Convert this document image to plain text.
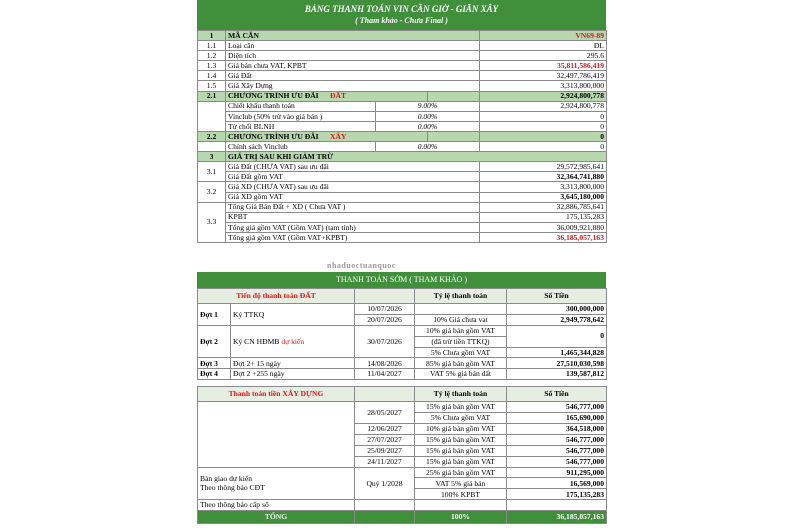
BẢNG THANH TOÁN VIN CẦN GIỜ - GIÃN XÂY
( Tham khảo - Chưa Final )
1	MÃ CĂN			VN69-89
1.1	Loại căn			ĐL
1.2	Diện tích			295.6
1.3	Giá bán chưa VAT, KPBT			35,811,586,419
1.4	Giá Đất			32,497,786,419
1.5	Giá Xây Dựng			3,313,800,000
2.1	CHƯƠNG TRÌNH ƯU ĐÃI ĐẤT			2,924,800,778
	Chiết khấu thanh toán	9.00%		2,924,800,778
	Vinclub (50% trừ vào giá bán )	0.00%		0
	Từ chối BLNH	0.00%		0
2.2	CHƯƠNG TRÌNH ƯU ĐÃI XÂY			0
	Chính sách Vinclub	0.00%		0
3	GIÁ TRỊ SAU KHI GIẢM TRỪ			
3.1	Giá Đất (CHƯA VAT) sau ưu đãi			29,572,985,641
	Giá Đất gồm VAT			32,364,741,880
3.2	Giá XD (CHƯA VAT) sau ưu đãi			3,313,800,000
	Giá XD gồm VAT			3,645,180,000
3.3	Tổng Giá Bán Đất + XD ( Chưa VAT )			32,886,785,641
	KPBT			175,135,283
	Tổng giá gồm VAT (Gồm VAT) (tạm tính)			36,009,921,880
	Tổng giá gồm VAT (Gồm VAT+KPBT)			36,185,057,163
nhaduoctuanquoc
THANH TOÁN SỚM ( THAM KHẢO )
Tiến độ thanh toán ĐẤT			Tỷ lệ thanh toán	Số Tiền
Đợt 1	Ký TTKQ	10/07/2026		300,000,000
		20/07/2026	10% Giá chưa vat	2,949,778,642
Đợt 2	Ký CN HĐMB dự kiến	30/07/2026	10% giá bán gồm VAT	0
			(đã trừ tiền TTKQ)	
			5% Chưa gồm VAT	1,465,344,828
Đợt 3	Đợt 2+ 15 ngày	14/08/2026	85% giá bán gồm VAT	27,510,030,598
Đợt 4	Đợt 2 +255 ngày	11/04/2027	VAT 5% giá bán đất	139,587,812

Thanh toán tiền XÂY DỰNG			Tỷ lệ thanh toán	Số Tiền
		28/05/2027	15% giá bán gồm VAT	546,777,000
			5% Chưa gồm VAT	165,690,000
		12/06/2027	10% giá bán gồm VAT	364,518,000
		27/07/2027	15% giá bán gồm VAT	546,777,000
		25/09/2027	15% giá bán gồm VAT	546,777,000
		24/11/2027	15% giá bán gồm VAT	546,777,000
Bàn giao dự kiến
Theo thông báo CĐT		Quý 1/2028	25% giá bán gồm VAT	911,295,000
			VAT 5% giá bán	16,569,000
			100% KPBT	175,135,283
Theo thông báo cấp sổ				
TỔNG			100%	36,185,057,163
